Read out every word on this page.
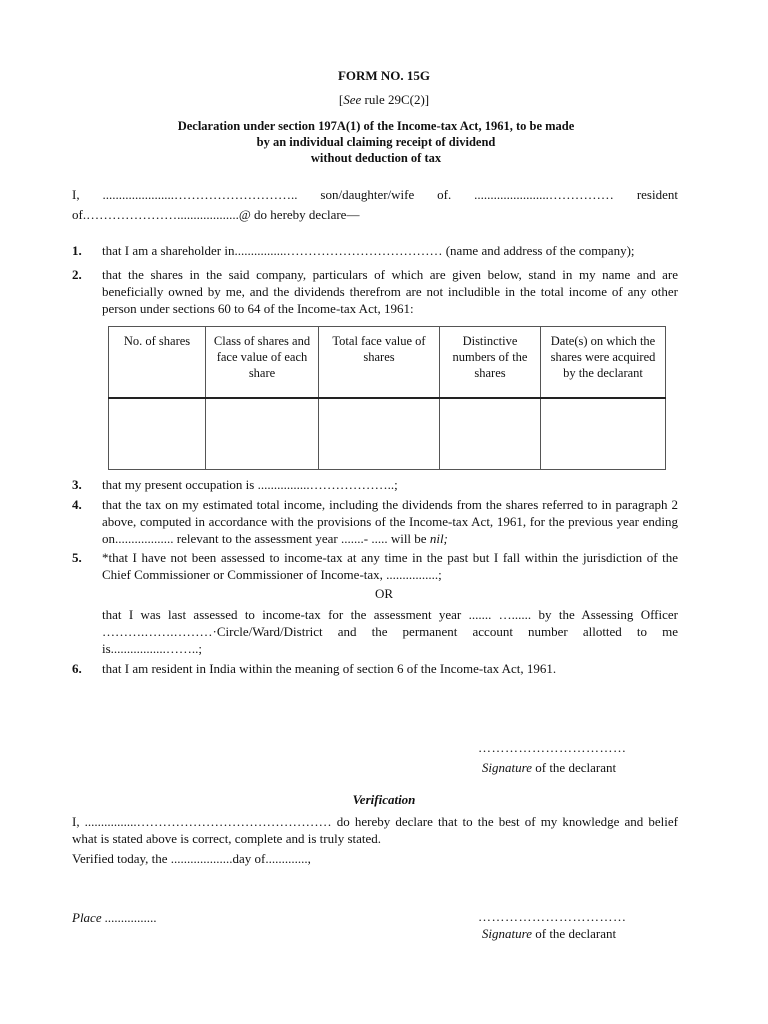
FORM NO. 15G
[See rule 29C(2)]
Declaration under section 197A(1) of the Income-tax Act, 1961, to be made
by an individual claiming receipt of dividend
without deduction of tax
I, ......................……………………….. son/daughter/wife of. .......................…………… resident
of.…………………...................@ do hereby declare—
1. that I am a shareholder in................……………………………… (name and address of the company);
2. that the shares in the said company, particulars of which are given below, stand in my name and are beneficially owned by me, and the dividends therefrom are not includible in the total income of any other person under sections 60 to 64 of the Income-tax Act, 1961:
No. of shares	Class of shares and face value of each share	Total face value of shares	Distinctive numbers of the shares	Date(s) on which the shares were acquired by the declarant

3. that my present occupation is ................………………..;
4. that the tax on my estimated total income, including the dividends from the shares referred to in paragraph 2 above, computed in accordance with the provisions of the Income-tax Act, 1961, for the previous year ending on.................. relevant to the assessment year .......- ..... will be nil;
5. *that I have not been assessed to income-tax at any time in the past but I fall within the jurisdiction of the Chief Commissioner or Commissioner of Income-tax, ................;
OR
that I was last assessed to income-tax for the assessment year ....... …...... by the Assessing Officer ……….…….………·Circle/Ward/District and the permanent account number allotted to me is.................……..;
6. that I am resident in India within the meaning of section 6 of the Income-tax Act, 1961.
……………………………
Signature of the declarant
Verification
I, ................……………………………………… do hereby declare that to the best of my knowledge and belief what is stated above is correct, complete and is truly stated.
Verified today, the ...................day of.............,
Place ................	……………………………
Signature of the declarant
